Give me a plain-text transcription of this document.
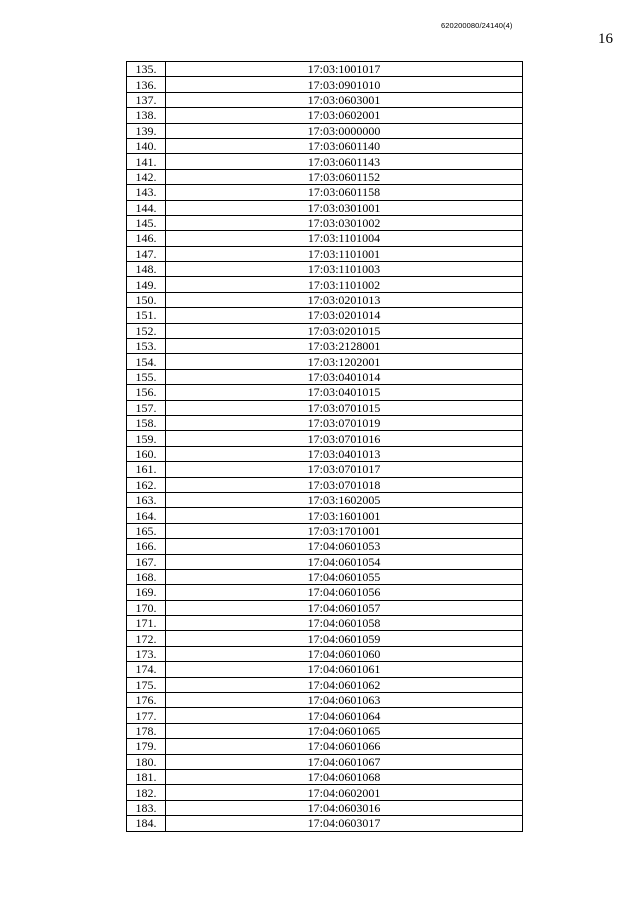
620200080/24140(4)
16
135.	17:03:1001017
136.	17:03:0901010
137.	17:03:0603001
138.	17:03:0602001
139.	17:03:0000000
140.	17:03:0601140
141.	17:03:0601143
142.	17:03:0601152
143.	17:03:0601158
144.	17:03:0301001
145.	17:03:0301002
146.	17:03:1101004
147.	17:03:1101001
148.	17:03:1101003
149.	17:03:1101002
150.	17:03:0201013
151.	17:03:0201014
152.	17:03:0201015
153.	17:03:2128001
154.	17:03:1202001
155.	17:03:0401014
156.	17:03:0401015
157.	17:03:0701015
158.	17:03:0701019
159.	17:03:0701016
160.	17:03:0401013
161.	17:03:0701017
162.	17:03:0701018
163.	17:03:1602005
164.	17:03:1601001
165.	17:03:1701001
166.	17:04:0601053
167.	17:04:0601054
168.	17:04:0601055
169.	17:04:0601056
170.	17:04:0601057
171.	17:04:0601058
172.	17:04:0601059
173.	17:04:0601060
174.	17:04:0601061
175.	17:04:0601062
176.	17:04:0601063
177.	17:04:0601064
178.	17:04:0601065
179.	17:04:0601066
180.	17:04:0601067
181.	17:04:0601068
182.	17:04:0602001
183.	17:04:0603016
184.	17:04:0603017
